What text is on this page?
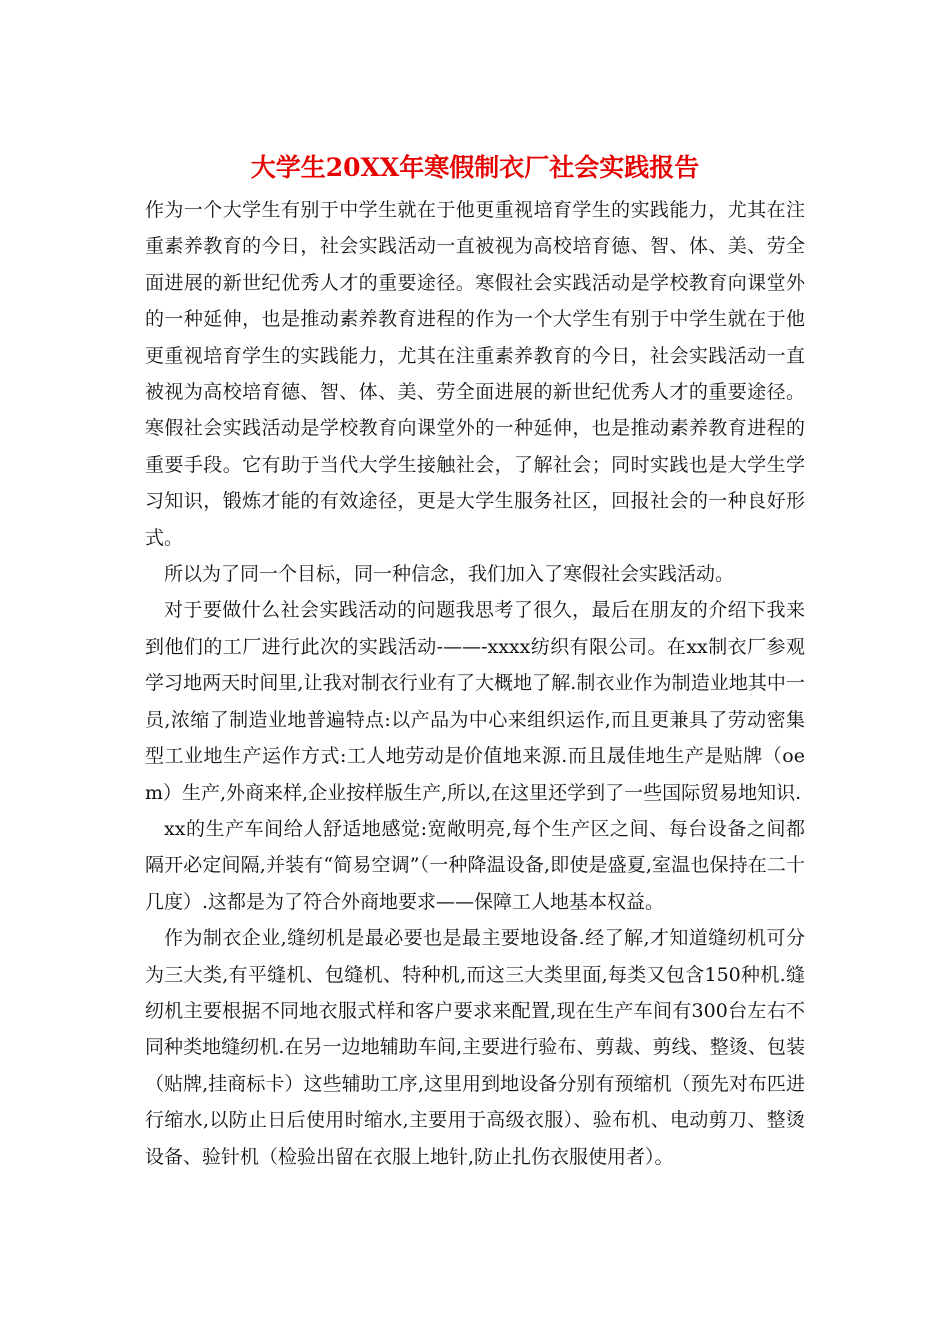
大学生20XX年寒假制衣厂社会实践报告

作为一个大学生有别于中学生就在于他更重视培育学生的实践能力，尤其在注重素养教育的今日，社会实践活动一直被视为高校培育德、智、体、美、劳全面进展的新世纪优秀人才的重要途径。寒假社会实践活动是学校教育向课堂外的一种延伸，也是推动素养教育进程的作为一个大学生有别于中学生就在于他更重视培育学生的实践能力，尤其在注重素养教育的今日，社会实践活动一直被视为高校培育德、智、体、美、劳全面进展的新世纪优秀人才的重要途径。寒假社会实践活动是学校教育向课堂外的一种延伸，也是推动素养教育进程的重要手段。它有助于当代大学生接触社会，了解社会；同时实践也是大学生学习知识，锻炼才能的有效途径，更是大学生服务社区，回报社会的一种良好形式。

所以为了同一个目标，同一种信念，我们加入了寒假社会实践活动。

对于要做什么社会实践活动的问题我思考了很久，最后在朋友的介绍下我来到他们的工厂进行此次的实践活动-——-xxxx纺织有限公司。在xx制衣厂参观学习地两天时间里,让我对制衣行业有了大概地了解.制衣业作为制造业地其中一员,浓缩了制造业地普遍特点:以产品为中心来组织运作,而且更兼具了劳动密集型工业地生产运作方式:工人地劳动是价值地来源.而且晟佳地生产是贴牌（oem）生产,外商来样,企业按样版生产,所以,在这里还学到了一些国际贸易地知识.

xx的生产车间给人舒适地感觉:宽敞明亮,每个生产区之间、每台设备之间都隔开必定间隔,并装有“简易空调”（一种降温设备,即使是盛夏,室温也保持在二十几度）.这都是为了符合外商地要求——保障工人地基本权益。

作为制衣企业,缝纫机是最必要也是最主要地设备.经了解,才知道缝纫机可分为三大类,有平缝机、包缝机、特种机,而这三大类里面,每类又包含150种机.缝纫机主要根据不同地衣服式样和客户要求来配置,现在生产车间有300台左右不同种类地缝纫机.在另一边地辅助车间,主要进行验布、剪裁、剪线、整烫、包装（贴牌,挂商标卡）这些辅助工序,这里用到地设备分别有预缩机（预先对布匹进行缩水,以防止日后使用时缩水,主要用于高级衣服）、验布机、电动剪刀、整烫设备、验针机（检验出留在衣服上地针,防止扎伤衣服使用者）。
